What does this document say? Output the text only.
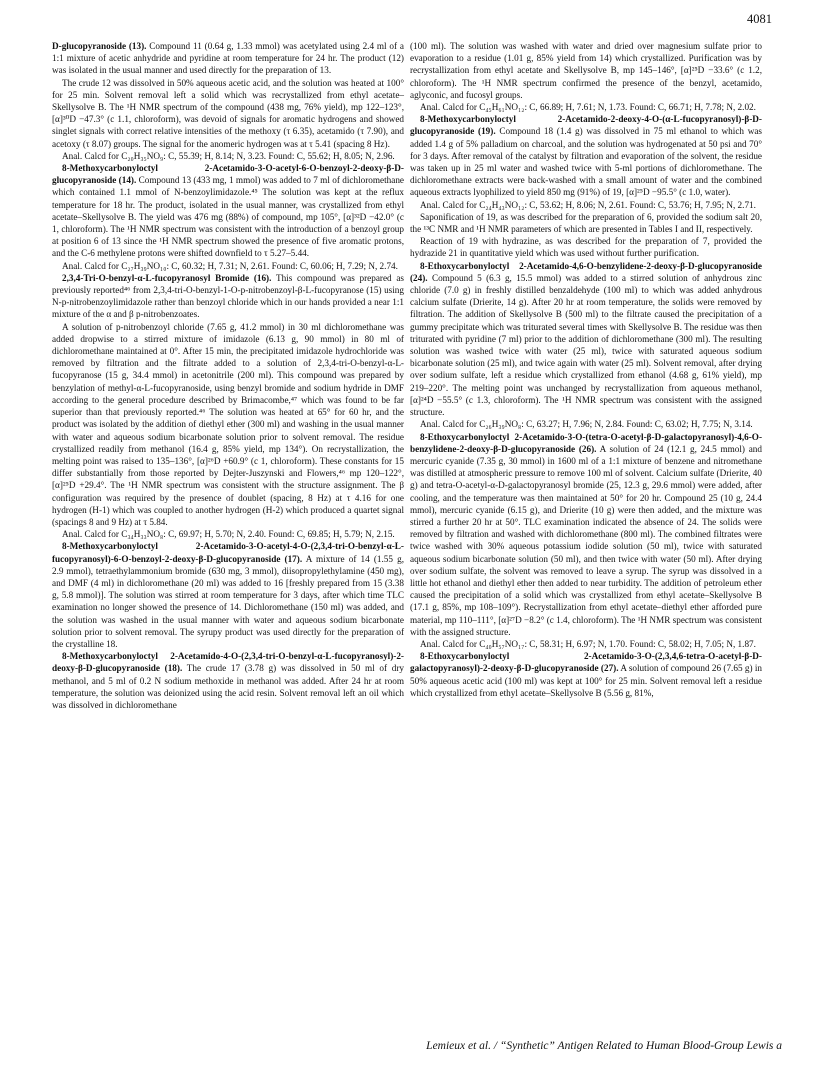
4081

D-glucopyranoside (13). Compound 11 (0.64 g, 1.33 mmol) was acetylated using 2.4 ml of a 1:1 mixture of acetic anhydride and pyridine at room temperature for 24 hr. The product (12) was isolated in the usual manner and used directly for the preparation of 13.

The crude 12 was dissolved in 50% aqueous acetic acid, and the solution was heated at 100° for 25 min. Solvent removal left a solid which was recrystallized from ethyl acetate–Skellysolve B. The ¹H NMR spectrum of the compound (438 mg, 76% yield), mp 122–123°, [α]³⁰D −47.3° (c 1.1, chloroform), was devoid of signals for aromatic hydrogens and showed singlet signals with correct relative intensities of the methoxy (τ 6.35), acetamido (τ 7.90), and acetoxy (τ 8.07) groups. The signal for the anomeric hydrogen was at τ 5.41 (spacing 8 Hz).

Anal. Calcd for C₂₀H₃₅NO₉: C, 55.39; H, 8.14; N, 3.23. Found: C, 55.62; H, 8.05; N, 2.96.

8-Methoxycarbonyloctyl 2-Acetamido-3-O-acetyl-6-O-benzoyl-2-deoxy-β-D-glucopyranoside (14). Compound 13 (433 mg, 1 mmol) was added to 7 ml of dichloromethane which contained 1.1 mmol of N-benzoylimidazole.⁴⁵ The solution was kept at the reflux temperature for 18 hr. The product, isolated in the usual manner, was crystallized from ethyl acetate–Skellysolve B. The yield was 476 mg (88%) of compound, mp 105°, [α]³²D −42.0° (c 1, chloroform). The ¹H NMR spectrum was consistent with the introduction of a benzoyl group at position 6 of 13 since the ¹H NMR spectrum showed the presence of five aromatic protons, and the C-6 methylene protons were shifted downfield to τ 5.27–5.44.

Anal. Calcd for C₂₇H₃₉NO₁₀: C, 60.32; H, 7.31; N, 2.61. Found: C, 60.06; H, 7.29; N, 2.74.

2,3,4-Tri-O-benzyl-α-L-fucopyranosyl Bromide (16). This compound was prepared as previously reported⁴⁶ from 2,3,4-tri-O-benzyl-1-O-p-nitrobenzoyl-β-L-fucopyranose (15) using N-p-nitrobenzoylimidazole rather than benzoyl chloride which in our hands provided a near 1:1 mixture of the α and β p-nitrobenzoates.

A solution of p-nitrobenzoyl chloride (7.65 g, 41.2 mmol) in 30 ml dichloromethane was added dropwise to a stirred mixture of imidazole (6.13 g, 90 mmol) in 80 ml of dichloromethane maintained at 0°. After 15 min, the precipitated imidazole hydrochloride was removed by filtration and the filtrate added to a solution of 2,3,4-tri-O-benzyl-α-L-fucopyranose (15 g, 34.4 mmol) in acetonitrile (200 ml). This compound was prepared by benzylation of methyl-α-L-fucopyranoside, using benzyl bromide and sodium hydride in DMF according to the general procedure described by Brimacombe,⁴⁷ which was found to be far superior than that previously reported.⁴⁶ The solution was heated at 65° for 60 hr, and the product was isolated by the addition of diethyl ether (300 ml) and washing in the usual manner with water and aqueous sodium bicarbonate solution prior to solvent removal. The residue crystallized readily from methanol (16.4 g, 85% yield, mp 134°). On recrystallization, the melting point was raised to 135–136°, [α]²⁶D +60.9° (c 1, chloroform). These constants for 15 differ substantially from those reported by Dejter-Juszynski and Flowers,⁴⁶ mp 120–122°, [α]²⁵D +29.4°. The ¹H NMR spectrum was consistent with the structure assignment. The β configuration was required by the presence of doublet (spacing, 8 Hz) at τ 4.16 for one hydrogen (H-1) which was coupled to another hydrogen (H-2) which produced a quartet signal (spacings 8 and 9 Hz) at τ 5.84.

Anal. Calcd for C₃₄H₃₃NO₈: C, 69.97; H, 5.70; N, 2.40. Found: C, 69.85; H, 5.79; N, 2.15.

8-Methoxycarbonyloctyl 2-Acetamido-3-O-acetyl-4-O-(2,3,4-tri-O-benzyl-α-L-fucopyranosyl)-6-O-benzoyl-2-deoxy-β-D-glucopyranoside (17). A mixture of 14 (1.55 g, 2.9 mmol), tetraethylammonium bromide (630 mg, 3 mmol), diisopropylethylamine (450 mg), and DMF (4 ml) in dichloromethane (20 ml) was added to 16 [freshly prepared from 15 (3.38 g, 5.8 mmol)]. The solution was stirred at room temperature for 3 days, after which time TLC examination no longer showed the presence of 14. Dichloromethane (150 ml) was added, and the solution was washed in the usual manner with water and aqueous sodium bicarbonate solution prior to solvent removal. The syrupy product was used directly for the preparation of the crystalline 18.

8-Methoxycarbonyloctyl 2-Acetamido-4-O-(2,3,4-tri-O-benzyl-α-L-fucopyranosyl)-2-deoxy-β-D-glucopyranoside (18). The crude 17 (3.78 g) was dissolved in 50 ml of dry methanol, and 5 ml of 0.2 N sodium methoxide in methanol was added. After 24 hr at room temperature, the solution was deionized using the acid resin. Solvent removal left an oil which was dissolved in dichloromethane

(100 ml). The solution was washed with water and dried over magnesium sulfate prior to evaporation to a residue (1.01 g, 85% yield from 14) which crystallized. Purification was by recrystallization from ethyl acetate and Skellysolve B, mp 145–146°, [α]²⁵D −33.6° (c 1.2, chloroform). The ¹H NMR spectrum confirmed the presence of the benzyl, acetamido, aglyconic, and fucosyl groups.

Anal. Calcd for C₄₅H₆₁NO₁₂: C, 66.89; H, 7.61; N, 1.73. Found: C, 66.71; H, 7.78; N, 2.02.

8-Methoxycarbonyloctyl 2-Acetamido-2-deoxy-4-O-(α-L-fucopyranosyl)-β-D-glucopyranoside (19). Compound 18 (1.4 g) was dissolved in 75 ml ethanol to which was added 1.4 g of 5% palladium on charcoal, and the solution was hydrogenated at 50 psi and 70° for 3 days. After removal of the catalyst by filtration and evaporation of the solvent, the residue was taken up in 25 ml water and washed twice with 5-ml portions of dichloromethane. The dichloromethane extracts were back-washed with a small amount of water and the combined aqueous extracts lyophilized to yield 850 mg (91%) of 19, [α]²⁵D −95.5° (c 1.0, water).

Anal. Calcd for C₂₄H₄₃NO₁₂: C, 53.62; H, 8.06; N, 2.61. Found: C, 53.76; H, 7.95; N, 2.71.

Saponification of 19, as was described for the preparation of 6, provided the sodium salt 20, the ¹³C NMR and ¹H NMR parameters of which are presented in Tables I and II, respectively.

Reaction of 19 with hydrazine, as was described for the preparation of 7, provided the hydrazide 21 in quantitative yield which was used without further purification.

8-Ethoxycarbonyloctyl 2-Acetamido-4,6-O-benzylidene-2-deoxy-β-D-glucopyranoside (24). Compound 5 (6.3 g, 15.5 mmol) was added to a stirred solution of anhydrous zinc chloride (7.0 g) in freshly distilled benzaldehyde (100 ml) to which was added anhydrous calcium sulfate (Drierite, 14 g). After 20 hr at room temperature, the solids were removed by filtration. The addition of Skellysolve B (500 ml) to the filtrate caused the precipitation of a gummy precipitate which was triturated several times with Skellysolve B. The residue was then triturated with pyridine (7 ml) prior to the addition of dichloromethane (300 ml). The resulting solution was washed twice with water (25 ml), twice with saturated aqueous sodium bicarbonate solution (25 ml), and twice again with water (25 ml). Solvent removal, after drying over sodium sulfate, left a residue which crystallized from ethanol (4.68 g, 61% yield), mp 219–220°. The melting point was unchanged by recrystallization from aqueous methanol, [α]²⁴D −55.5° (c 1.3, chloroform). The ¹H NMR spectrum was consistent with the assigned structure.

Anal. Calcd for C₂₆H₃₉NO₈: C, 63.27; H, 7.96; N, 2.84. Found: C, 63.02; H, 7.75; N, 3.14.

8-Ethoxycarbonyloctyl 2-Acetamido-3-O-(tetra-O-acetyl-β-D-galactopyranosyl)-4,6-O-benzylidene-2-deoxy-β-D-glucopyranoside (26). A solution of 24 (12.1 g, 24.5 mmol) and mercuric cyanide (7.35 g, 30 mmol) in 1600 ml of a 1:1 mixture of benzene and nitromethane was distilled at atmospheric pressure to remove 100 ml of solvent. Calcium sulfate (Drierite, 40 g) and tetra-O-acetyl-α-D-galactopyranosyl bromide (25, 12.3 g, 29.6 mmol) were added, after cooling, and the temperature was then maintained at 50° for 20 hr. Compound 25 (10 g, 24.4 mmol), mercuric cyanide (6.15 g), and Drierite (10 g) were then added, and the mixture was stirred a further 20 hr at 50°. TLC examination indicated the absence of 24. The solids were removed by filtration and washed with dichloromethane (800 ml). The combined filtrates were twice washed with 30% aqueous potassium iodide solution (50 ml), twice with saturated aqueous sodium bicarbonate solution (50 ml), and then twice with water (50 ml). After drying over sodium sulfate, the solvent was removed to leave a syrup. The syrup was dissolved in a little hot ethanol and diethyl ether then added to near turbidity. The addition of petroleum ether caused the precipitation of a solid which was crystallized from ethyl acetate–Skellysolve B (17.1 g, 85%, mp 108–109°). Recrystallization from ethyl acetate–diethyl ether afforded pure material, mp 110–111°, [α]²⁷D −8.2° (c 1.4, chloroform). The ¹H NMR spectrum was consistent with the assigned structure.

Anal. Calcd for C₄₀H₅₇NO₁₇: C, 58.31; H, 6.97; N, 1.70. Found: C, 58.02; H, 7.05; N, 1.87.

8-Ethoxycarbonyloctyl 2-Acetamido-3-O-(2,3,4,6-tetra-O-acetyl-β-D-galactopyranosyl)-2-deoxy-β-D-glucopyranoside (27). A solution of compound 26 (7.65 g) in 50% aqueous acetic acid (100 ml) was kept at 100° for 25 min. Solvent removal left a residue which crystallized from ethyl acetate–Skellysolve B (5.56 g, 81%,

Lemieux et al. / “Synthetic” Antigen Related to Human Blood-Group Lewis a
